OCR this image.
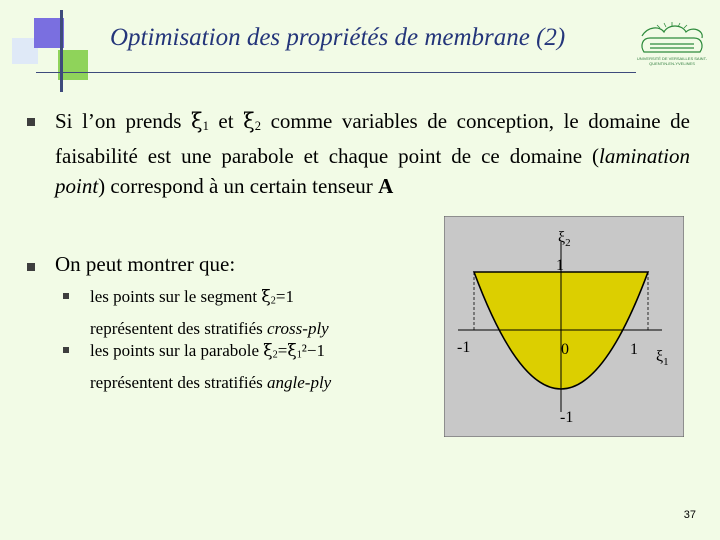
Optimisation des propriétés de membrane (2)
UNIVERSITÉ DE VERSAILLES SAINT-QUENTIN-EN-YVELINES
Si l’on prends $\xi_1$ et $\xi_2$ comme variables de conception, le domaine de faisabilité est une parabole et chaque point de ce domaine (lamination point) correspond à un certain tenseur A
On peut montrer que:
les points sur le segment $\xi_2=1$
représentent des stratifiés cross-ply
les points sur la parabole $\xi_2=\xi_1^2-1$
représentent des stratifiés angle-ply
$\xi_2$
1
-1	0	1 $\xi_1$
-1
37
